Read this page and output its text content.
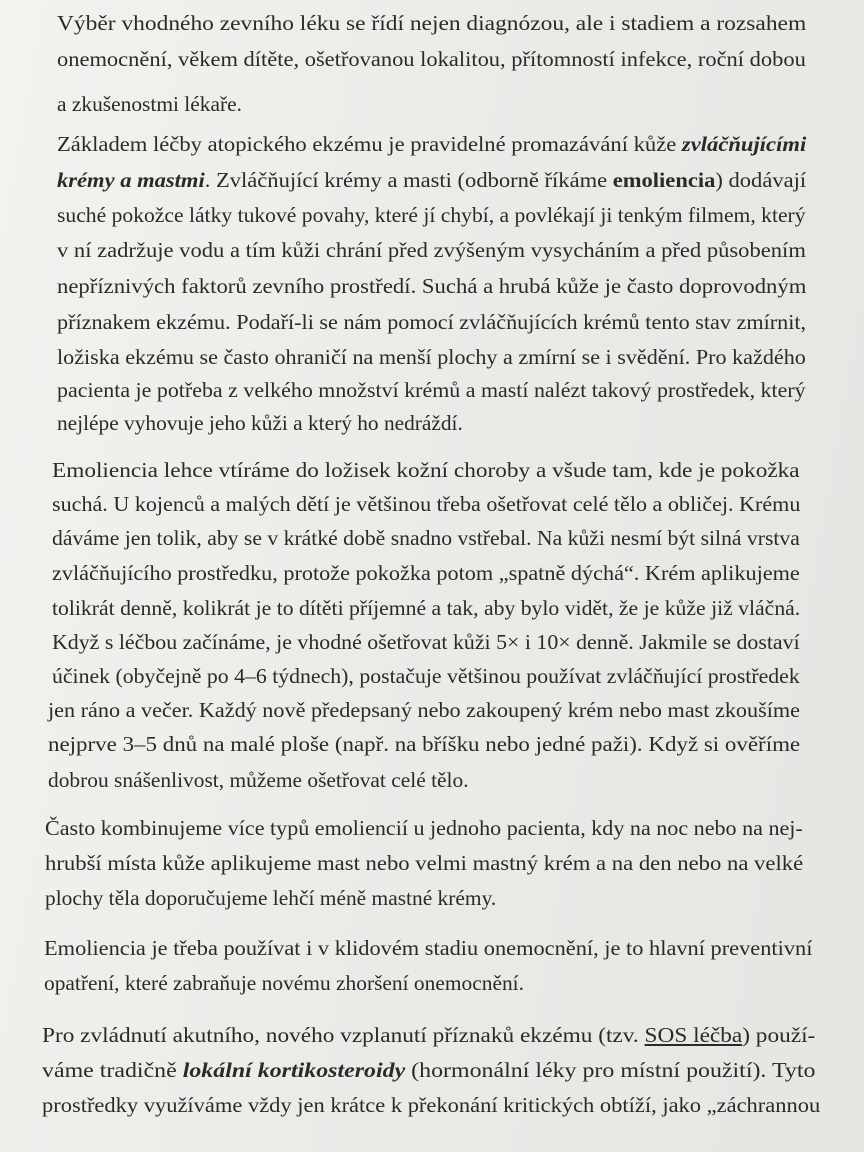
Výběr vhodného zevního léku se řídí nejen diagnózou, ale i stadiem a rozsahem
onemocnění, věkem dítěte, ošetřovanou lokalitou, přítomností infekce, roční dobou
a zkušenostmi lékaře.
Základem léčby atopického ekzému je pravidelné promazávání kůže zvláčňujícími
krémy a mastmi. Zvláčňující krémy a masti (odborně říkáme emoliencia) dodávají
suché pokožce látky tukové povahy, které jí chybí, a povlékají ji tenkým filmem, který
v ní zadržuje vodu a tím kůži chrání před zvýšeným vysycháním a před působením
nepříznivých faktorů zevního prostředí. Suchá a hrubá kůže je často doprovodným
příznakem ekzému. Podaří-li se nám pomocí zvláčňujících krémů tento stav zmírnit,
ložiska ekzému se často ohraničí na menší plochy a zmírní se i svědění. Pro každého
pacienta je potřeba z velkého množství krémů a mastí nalézt takový prostředek, který
nejlépe vyhovuje jeho kůži a který ho nedráždí.
Emoliencia lehce vtíráme do ložisek kožní choroby a všude tam, kde je pokožka
suchá. U kojenců a malých dětí je většinou třeba ošetřovat celé tělo a obličej. Krému
dáváme jen tolik, aby se v krátké době snadno vstřebal. Na kůži nesmí být silná vrstva
zvláčňujícího prostředku, protože pokožka potom „spatně dýchá“. Krém aplikujeme
tolikrát denně, kolikrát je to dítěti příjemné a tak, aby bylo vidět, že je kůže již vláčná.
Když s léčbou začínáme, je vhodné ošetřovat kůži 5× i 10× denně. Jakmile se dostaví
účinek (obyčejně po 4–6 týdnech), postačuje většinou používat zvláčňující prostředek
jen ráno a večer. Každý nově předepsaný nebo zakoupený krém nebo mast zkoušíme
nejprve 3–5 dnů na malé ploše (např. na bříšku nebo jedné paži). Když si ověříme
dobrou snášenlivost, můžeme ošetřovat celé tělo.
Často kombinujeme více typů emoliencií u jednoho pacienta, kdy na noc nebo na nej-
hrubší místa kůže aplikujeme mast nebo velmi mastný krém a na den nebo na velké
plochy těla doporučujeme lehčí méně mastné krémy.
Emoliencia je třeba používat i v klidovém stadiu onemocnění, je to hlavní preventivní
opatření, které zabraňuje novému zhoršení onemocnění.
Pro zvládnutí akutního, nového vzplanutí příznaků ekzému (tzv. SOS léčba) použí-
váme tradičně lokální kortikosteroidy (hormonální léky pro místní použití). Tyto
prostředky využíváme vždy jen krátce k překonání kritických obtíží, jako „záchrannou
